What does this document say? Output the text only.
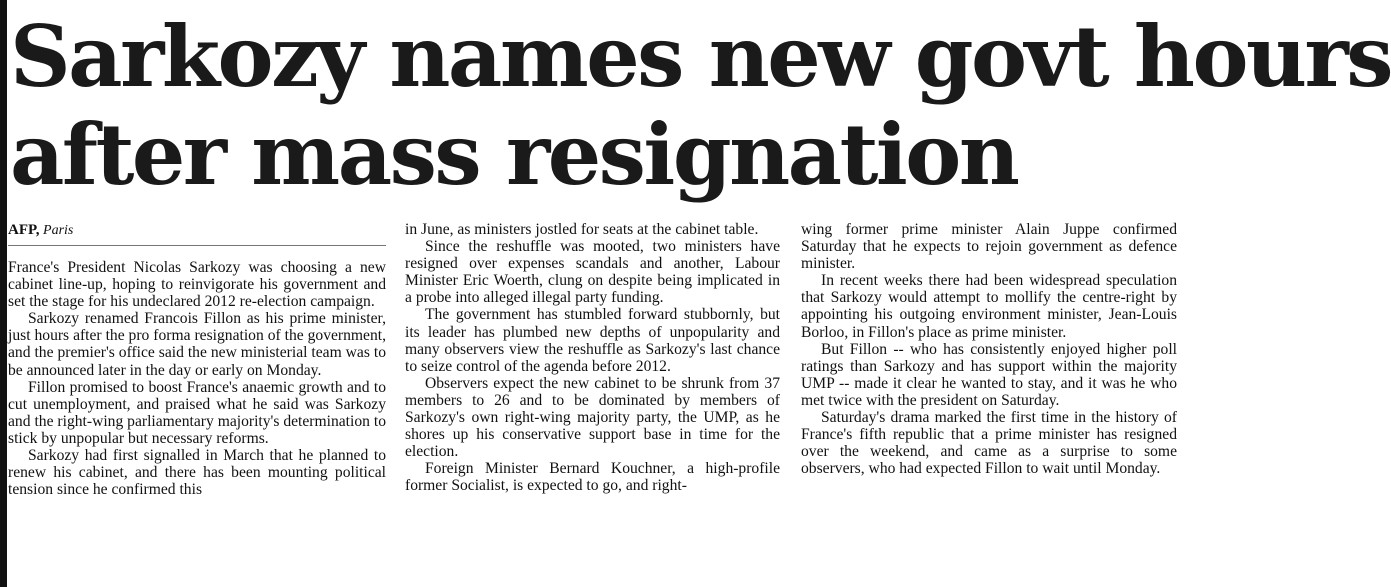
Sarkozy names new govt hours
after mass resignation
AFP, Paris

France's President Nicolas Sarkozy was choosing a new cabinet line-up, hoping to reinvigorate his government and set the stage for his undeclared 2012 re-election campaign.

Sarkozy renamed Francois Fillon as his prime minister, just hours after the pro forma resignation of the government, and the premier's office said the new ministerial team was to be announced later in the day or early on Monday.

Fillon promised to boost France's anaemic growth and to cut unemployment, and praised what he said was Sarkozy and the right-wing parliamentary majority's determination to stick by unpopular but necessary reforms.

Sarkozy had first signalled in March that he planned to renew his cabinet, and there has been mounting political tension since he confirmed this

in June, as ministers jostled for seats at the cabinet table.

Since the reshuffle was mooted, two ministers have resigned over expenses scandals and another, Labour Minister Eric Woerth, clung on despite being implicated in a probe into alleged illegal party funding.

The government has stumbled forward stubbornly, but its leader has plumbed new depths of unpopularity and many observers view the reshuffle as Sarkozy's last chance to seize control of the agenda before 2012.

Observers expect the new cabinet to be shrunk from 37 members to 26 and to be dominated by members of Sarkozy's own right-wing majority party, the UMP, as he shores up his conservative support base in time for the election.

Foreign Minister Bernard Kouchner, a high-profile former Socialist, is expected to go, and right-

wing former prime minister Alain Juppe confirmed Saturday that he expects to rejoin government as defence minister.

In recent weeks there had been widespread speculation that Sarkozy would attempt to mollify the centre-right by appointing his outgoing environment minister, Jean-Louis Borloo, in Fillon's place as prime minister.

But Fillon -- who has consistently enjoyed higher poll ratings than Sarkozy and has support within the majority UMP -- made it clear he wanted to stay, and it was he who met twice with the president on Saturday.

Saturday's drama marked the first time in the history of France's fifth republic that a prime minister has resigned over the weekend, and came as a surprise to some observers, who had expected Fillon to wait until Monday.
